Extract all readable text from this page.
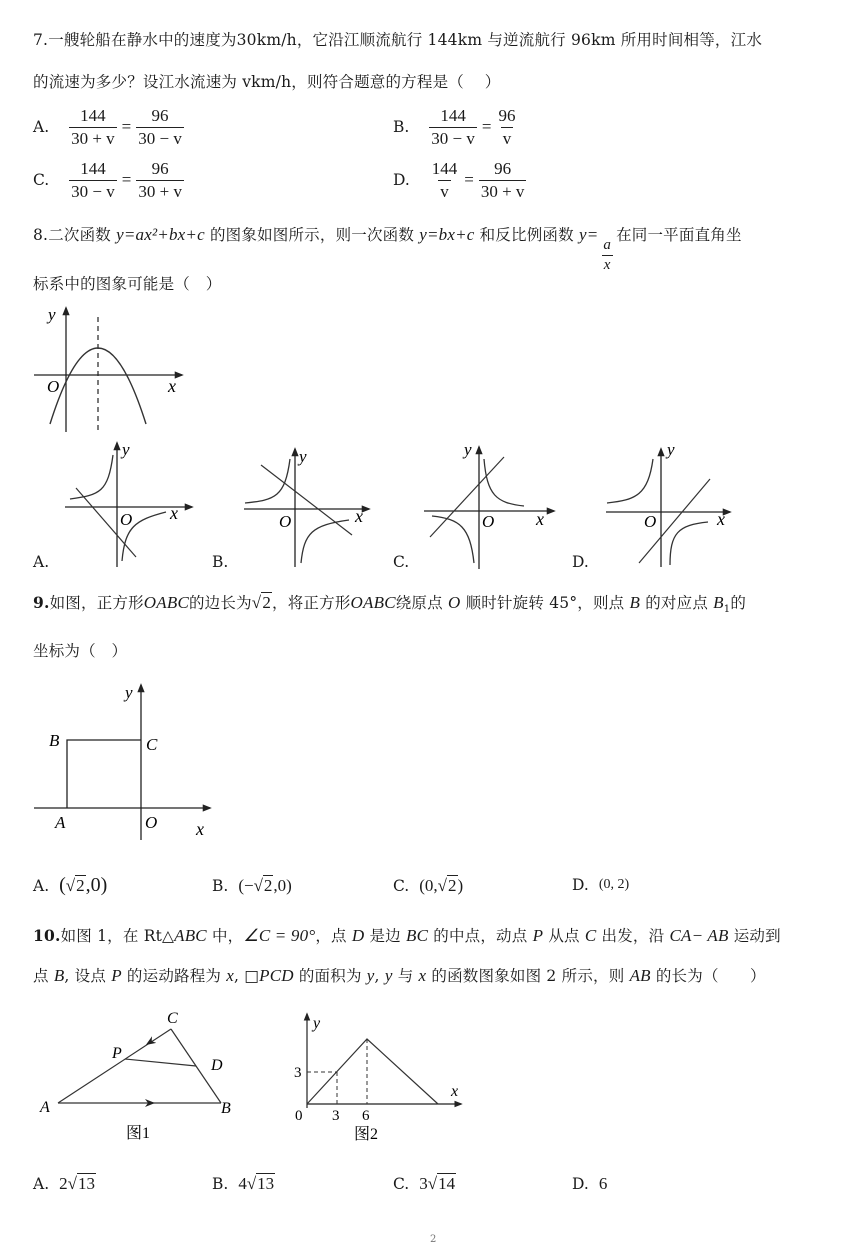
7.一艘轮船在静水中的速度为30km/h，它沿江顺流航行 144km 与逆流航行 96km 所用时间相等，江水
的流速为多少？设江水流速为 vkm/h，则符合题意的方程是（　 ）
A. $\frac{144}{30 + v} = \frac{96}{30 - v}$	B. $\frac{144}{30 - v} = \frac{96}{v}$
C. $\frac{144}{30 - v} = \frac{96}{30 + v}$	D. $\frac{144}{v} = \frac{96}{30 + v}$
8.二次函数 y=ax²+bx+c 的图象如图所示，则一次函数 y=bx+c 和反比例函数 y=
$\frac{a}{x}$
在同一平面直角坐
标系中的图象可能是（　）
y
O	x
y
O x
A.
y
O	x
B.
y
O x
C.
y
O	x
D.
9.如图，正方形OABC的边长为√2，将正方形OABC绕原点 O 顺时针旋转 45°，则点 B 的对应点 $B_1$的
坐标为（　）
y
B	C
A	O x
A. (√2,0)	B. (−√2,0)	C. (0,√2)	D. (0, 2)
10.如图 1，在 Rt△ABC 中，∠C = 90°，点 D 是边 BC 的中点，动点 P 从点 C 出发，沿 CA− AB 运动到
点 B, 设点 P 的运动路程为 x, □PCD 的面积为 y, y 与 x 的函数图象如图 2 所示，则 AB 的长为（　　）
C
P
D
A	B
图1
y
x
0 3 6
3
图2
A. 2√13	B. 4√13	C. 3√14	D. 6
2
